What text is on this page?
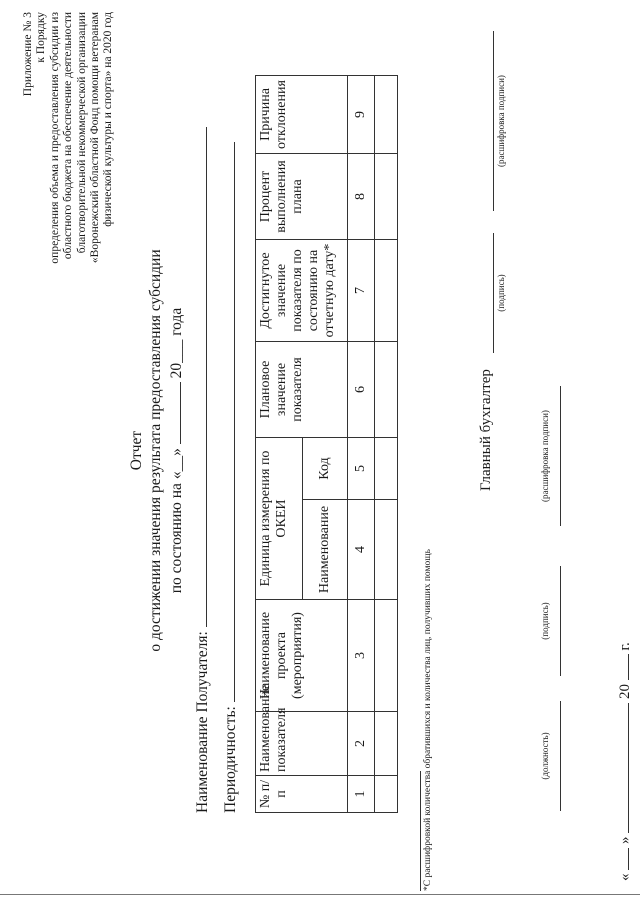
Приложение № 3 к Порядку определения объема и предоставления субсидии из областного бюджета на обеспечение деятельности благотворительной некоммерческой организации «Воронежский областной Фонд помощи ветеранам физической культуры и спорта» на 2020 год
Отчет о достижении значения результата предоставления субсидии по состоянию на «__»  20___ года
Наименование Получателя: Периодичность: № п/п	Наименование показателя	Наименование проекта (мероприятия)	Единица измерения по ОКЕИ		Плановое значение показателя	Достигнутое значение показателя по состоянию на отчетную дату*	Процент выполнения плана	Причина отклонения
			Наименование	Код				
1	2	3	4	5	6	7	8	9

*С расшифровкой количества обратившихся и количества лиц, получивших помощь
Главный бухгалтер
(подпись)
(расшифровка подписи)
(должность)
(подпись)
(расшифровка подписи)
«  »  20  г.
